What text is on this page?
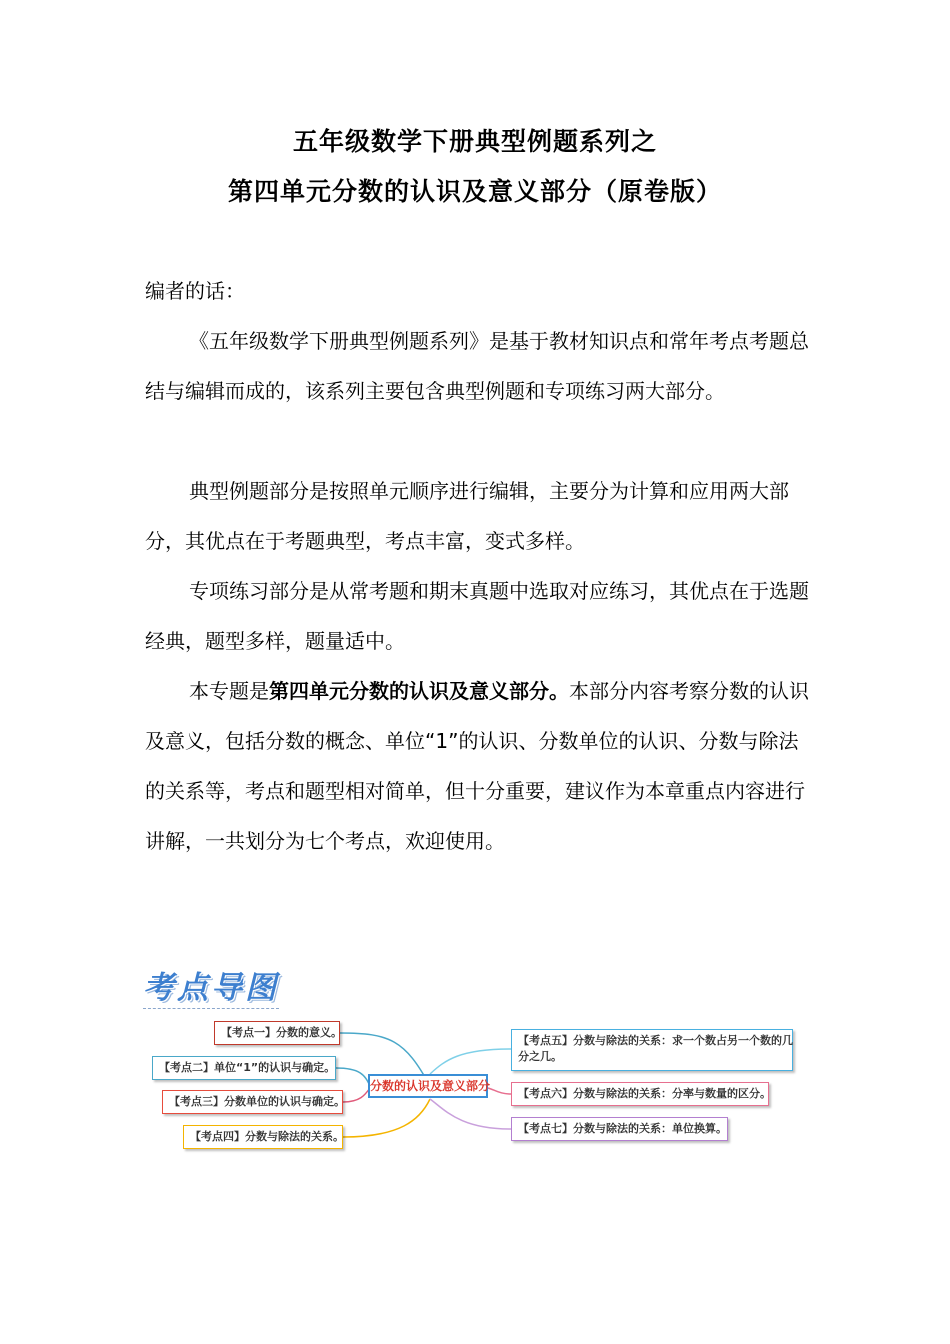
五年级数学下册典型例题系列之
第四单元分数的认识及意义部分（原卷版）

编者的话：

《五年级数学下册典型例题系列》是基于教材知识点和常年考点考题总结与编辑而成的，该系列主要包含典型例题和专项练习两大部分。

典型例题部分是按照单元顺序进行编辑，主要分为计算和应用两大部分，其优点在于考题典型，考点丰富，变式多样。

专项练习部分是从常考题和期末真题中选取对应练习，其优点在于选题经典，题型多样，题量适中。

本专题是第四单元分数的认识及意义部分。本部分内容考察分数的认识及意义，包括分数的概念、单位“1”的认识、分数单位的认识、分数与除法的关系等，考点和题型相对简单，但十分重要，建议作为本章重点内容进行讲解，一共划分为七个考点，欢迎使用。

考点导图
分数的认识及意义部分
【考点一】分数的意义。
【考点二】单位“1”的认识与确定。
【考点三】分数单位的认识与确定。
【考点四】分数与除法的关系。
【考点五】分数与除法的关系：求一个数占另一个数的几
分之几。
【考点六】分数与除法的关系：分率与数量的区分。
【考点七】分数与除法的关系：单位换算。
